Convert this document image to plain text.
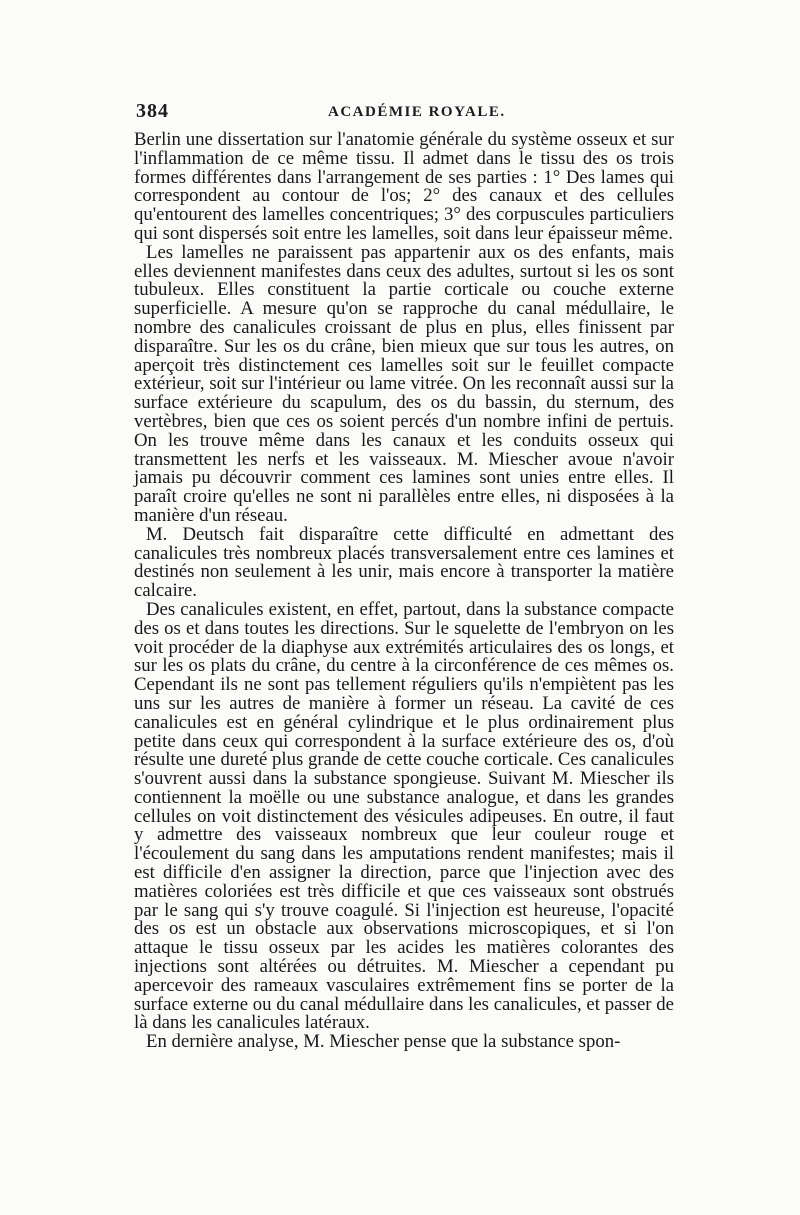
384	ACADÉMIE ROYALE.

Berlin une dissertation sur l'anatomie générale du système osseux et sur l'inflammation de ce même tissu. Il admet dans le tissu des os trois formes différentes dans l'arrangement de ses parties : 1° Des lames qui correspondent au contour de l'os; 2° des canaux et des cellules qu'entourent des lamelles concentriques; 3° des corpuscules particuliers qui sont dispersés soit entre les lamelles, soit dans leur épaisseur même.

Les lamelles ne paraissent pas appartenir aux os des enfants, mais elles deviennent manifestes dans ceux des adultes, surtout si les os sont tubuleux. Elles constituent la partie corticale ou couche externe superficielle. A mesure qu'on se rapproche du canal médullaire, le nombre des canalicules croissant de plus en plus, elles finissent par disparaître. Sur les os du crâne, bien mieux que sur tous les autres, on aperçoit très distinctement ces lamelles soit sur le feuillet compacte extérieur, soit sur l'intérieur ou lame vitrée. On les reconnaît aussi sur la surface extérieure du scapulum, des os du bassin, du sternum, des vertèbres, bien que ces os soient percés d'un nombre infini de pertuis. On les trouve même dans les canaux et les conduits osseux qui transmettent les nerfs et les vaisseaux. M. Miescher avoue n'avoir jamais pu découvrir comment ces lamines sont unies entre elles. Il paraît croire qu'elles ne sont ni parallèles entre elles, ni disposées à la manière d'un réseau.

M. Deutsch fait disparaître cette difficulté en admettant des canalicules très nombreux placés transversalement entre ces lamines et destinés non seulement à les unir, mais encore à transporter la matière calcaire.

Des canalicules existent, en effet, partout, dans la substance compacte des os et dans toutes les directions. Sur le squelette de l'embryon on les voit procéder de la diaphyse aux extrémités articulaires des os longs, et sur les os plats du crâne, du centre à la circonférence de ces mêmes os. Cependant ils ne sont pas tellement réguliers qu'ils n'empiètent pas les uns sur les autres de manière à former un réseau. La cavité de ces canalicules est en général cylindrique et le plus ordinairement plus petite dans ceux qui correspondent à la surface extérieure des os, d'où résulte une dureté plus grande de cette couche corticale. Ces canalicules s'ouvrent aussi dans la substance spongieuse. Suivant M. Miescher ils contiennent la moëlle ou une substance analogue, et dans les grandes cellules on voit distinctement des vésicules adipeuses. En outre, il faut y admettre des vaisseaux nombreux que leur couleur rouge et l'écoulement du sang dans les amputations rendent manifestes; mais il est difficile d'en assigner la direction, parce que l'injection avec des matières coloriées est très difficile et que ces vaisseaux sont obstrués par le sang qui s'y trouve coagulé. Si l'injection est heureuse, l'opacité des os est un obstacle aux observations microscopiques, et si l'on attaque le tissu osseux par les acides les matières colorantes des injections sont altérées ou détruites. M. Miescher a cependant pu apercevoir des rameaux vasculaires extrêmement fins se porter de la surface externe ou du canal médullaire dans les canalicules, et passer de là dans les canalicules latéraux.

En dernière analyse, M. Miescher pense que la substance spon-
